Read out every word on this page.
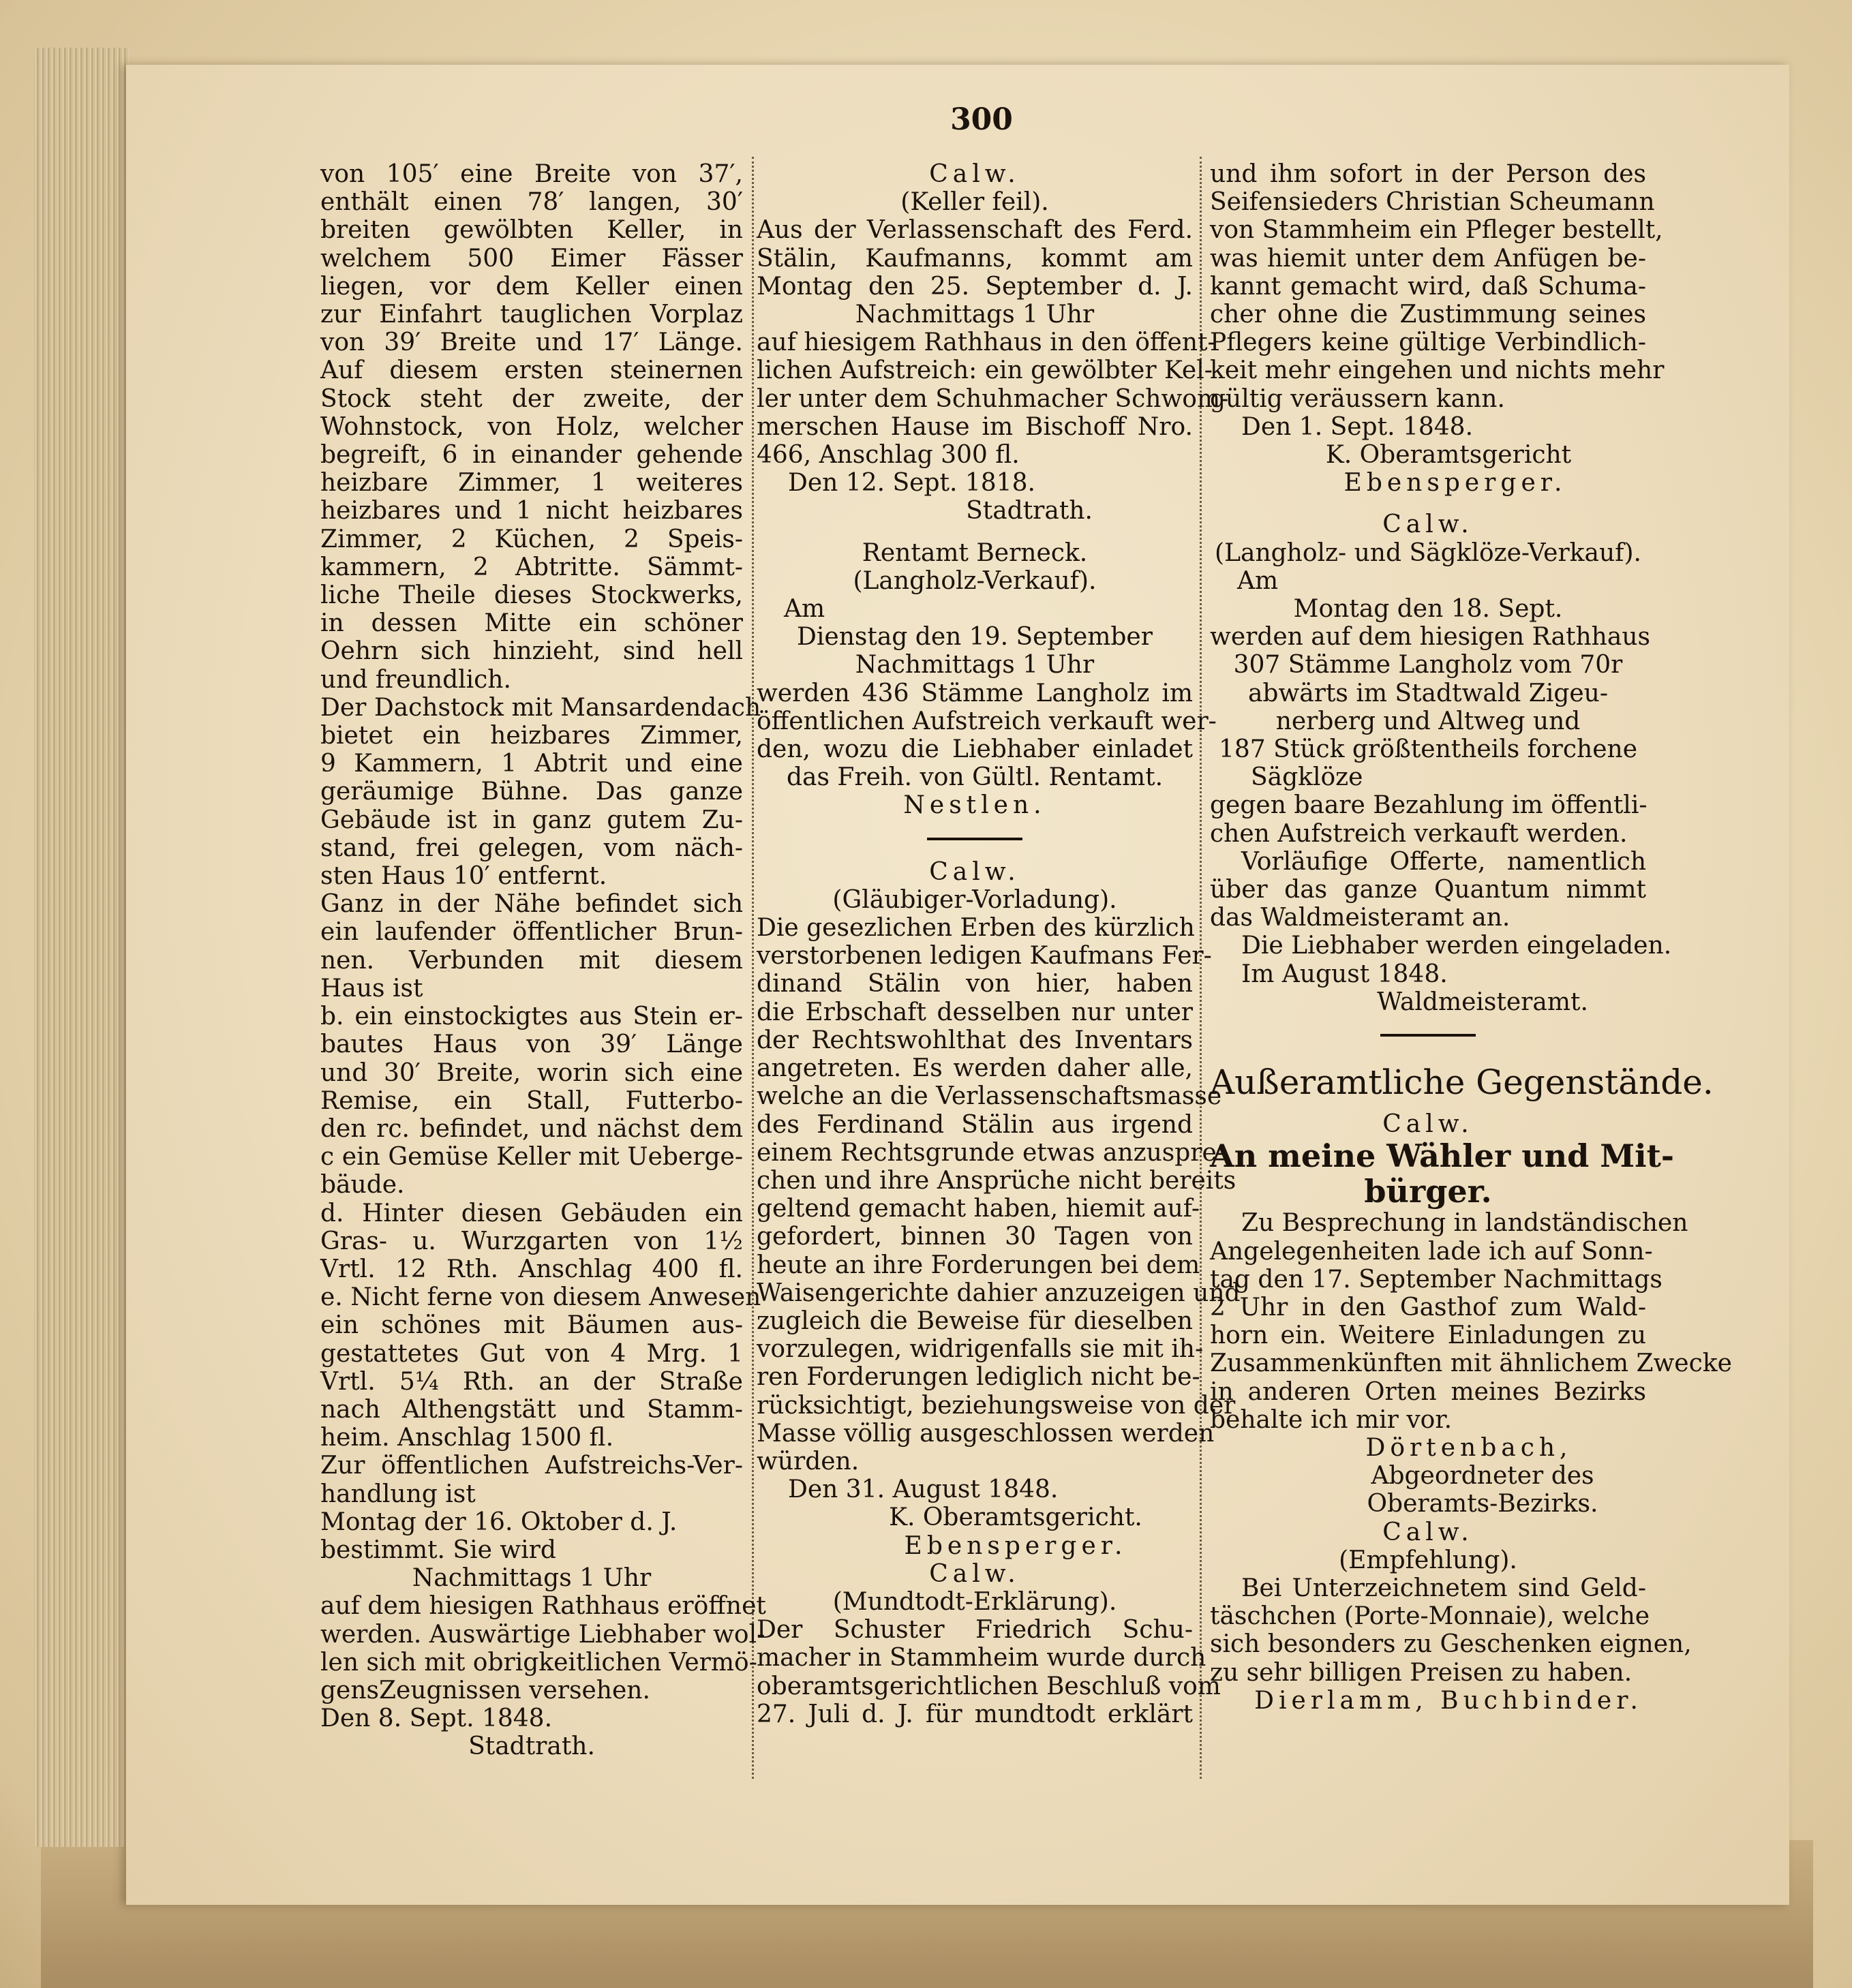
300
von 105′ eine Breite von 37′,
enthält einen 78′ langen, 30′
breiten gewölbten Keller, in
welchem 500 Eimer Fässer
liegen, vor dem Keller einen
zur Einfahrt tauglichen Vorplaz
von 39′ Breite und 17′ Länge.
Auf diesem ersten steinernen
Stock steht der zweite, der
Wohnstock, von Holz, welcher
begreift, 6 in einander gehende
heizbare Zimmer, 1 weiteres
heizbares und 1 nicht heizbares
Zimmer, 2 Küchen, 2 Speis-
kammern, 2 Abtritte. Sämmt-
liche Theile dieses Stockwerks,
in dessen Mitte ein schöner
Oehrn sich hinzieht, sind hell
und freundlich.
Der Dachstock mit Mansardendach
bietet ein heizbares Zimmer,
9 Kammern, 1 Abtrit und eine
geräumige Bühne. Das ganze
Gebäude ist in ganz gutem Zu-
stand, frei gelegen, vom näch-
sten Haus 10′ entfernt.
Ganz in der Nähe befindet sich
ein laufender öffentlicher Brun-
nen. Verbunden mit diesem
Haus ist
b. ein einstockigtes aus Stein er-
bautes Haus von 39′ Länge
und 30′ Breite, worin sich eine
Remise, ein Stall, Futterbo-
den rc. befindet, und nächst dem
c ein Gemüse Keller mit Ueberge-
bäude.
d. Hinter diesen Gebäuden ein
Gras- u. Wurzgarten von 1½
Vrtl. 12 Rth. Anschlag 400 fl.
e. Nicht ferne von diesem Anwesen
ein schönes mit Bäumen aus-
gestattetes Gut von 4 Mrg. 1
Vrtl. 5¼ Rth. an der Straße
nach Althengstätt und Stamm-
heim. Anschlag 1500 fl.
Zur öffentlichen Aufstreichs-Ver-
handlung ist
Montag der 16. Oktober d. J.
bestimmt. Sie wird
Nachmittags 1 Uhr
auf dem hiesigen Rathhaus eröffnet
werden. Auswärtige Liebhaber wol-
len sich mit obrigkeitlichen Vermö-
gensZeugnissen versehen.
Den 8. Sept. 1848.
Stadtrath.
Calw.
(Keller feil).
Aus der Verlassenschaft des Ferd.
Stälin, Kaufmanns, kommt am
Montag den 25. September d. J.
Nachmittags 1 Uhr
auf hiesigem Rathhaus in den öffent-
lichen Aufstreich: ein gewölbter Kel-
ler unter dem Schuhmacher Schwom-
merschen Hause im Bischoff Nro.
466, Anschlag 300 fl.
Den 12. Sept. 1818.
Stadtrath.
Rentamt Berneck.
(Langholz-Verkauf).
Am
Dienstag den 19. September
Nachmittags 1 Uhr
werden 436 Stämme Langholz im
öffentlichen Aufstreich verkauft wer-
den, wozu die Liebhaber einladet
das Freih. von Gültl. Rentamt.
Nestlen.
Calw.
(Gläubiger-Vorladung).
Die gesezlichen Erben des kürzlich
verstorbenen ledigen Kaufmans Fer-
dinand Stälin von hier, haben
die Erbschaft desselben nur unter
der Rechtswohlthat des Inventars
angetreten. Es werden daher alle,
welche an die Verlassenschaftsmasse
des Ferdinand Stälin aus irgend
einem Rechtsgrunde etwas anzuspre-
chen und ihre Ansprüche nicht bereits
geltend gemacht haben, hiemit auf-
gefordert, binnen 30 Tagen von
heute an ihre Forderungen bei dem
Waisengerichte dahier anzuzeigen und
zugleich die Beweise für dieselben
vorzulegen, widrigenfalls sie mit ih-
ren Forderungen lediglich nicht be-
rücksichtigt, beziehungsweise von der
Masse völlig ausgeschlossen werden
würden.
Den 31. August 1848.
K. Oberamtsgericht.
Ebensperger.
Calw.
(Mundtodt-Erklärung).
Der Schuster Friedrich Schu-
macher in Stammheim wurde durch
oberamtsgerichtlichen Beschluß vom
27. Juli d. J. für mundtodt erklärt
und ihm sofort in der Person des
Seifensieders Christian Scheumann
von Stammheim ein Pfleger bestellt,
was hiemit unter dem Anfügen be-
kannt gemacht wird, daß Schuma-
cher ohne die Zustimmung seines
Pflegers keine gültige Verbindlich-
keit mehr eingehen und nichts mehr
gültig veräussern kann.
Den 1. Sept. 1848.
K. Oberamtsgericht
Ebensperger.
Calw.
(Langholz- und Sägklöze-Verkauf).
Am
Montag den 18. Sept.
werden auf dem hiesigen Rathhaus
307 Stämme Langholz vom 70r
abwärts im Stadtwald Zigeu-
nerberg und Altweg und
187 Stück größtentheils forchene
Sägklöze
gegen baare Bezahlung im öffentli-
chen Aufstreich verkauft werden.
Vorläufige Offerte, namentlich
über das ganze Quantum nimmt
das Waldmeisteramt an.
Die Liebhaber werden eingeladen.
Im August 1848.
Waldmeisteramt.
Außeramtliche Gegenstände.
Calw.
An meine Wähler und Mit-
bürger.
Zu Besprechung in landständischen
Angelegenheiten lade ich auf Sonn-
tag den 17. September Nachmittags
2 Uhr in den Gasthof zum Wald-
horn ein. Weitere Einladungen zu
Zusammenkünften mit ähnlichem Zwecke
in anderen Orten meines Bezirks
behalte ich mir vor.
Dörtenbach,
Abgeordneter des
Oberamts-Bezirks.
Calw.
(Empfehlung).
Bei Unterzeichnetem sind Geld-
täschchen (Porte-Monnaie), welche
sich besonders zu Geschenken eignen,
zu sehr billigen Preisen zu haben.
Dierlamm, Buchbinder.
